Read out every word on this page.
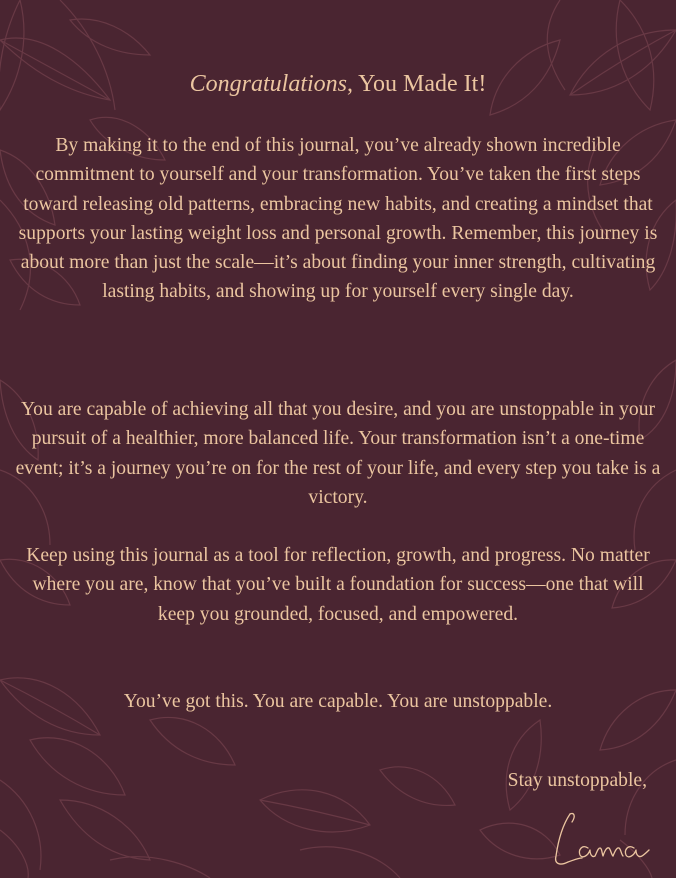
Congratulations, You Made It!

By making it to the end of this journal, you’ve already shown incredible commitment to yourself and your transformation. You’ve taken the first steps toward releasing old patterns, embracing new habits, and creating a mindset that supports your lasting weight loss and personal growth. Remember, this journey is about more than just the scale—it’s about finding your inner strength, cultivating lasting habits, and showing up for yourself every single day.

You are capable of achieving all that you desire, and you are unstoppable in your pursuit of a healthier, more balanced life. Your transformation isn’t a one-time event; it’s a journey you’re on for the rest of your life, and every step you take is a victory.

Keep using this journal as a tool for reflection, growth, and progress. No matter where you are, know that you’ve built a foundation for success—one that will keep you grounded, focused, and empowered.

You’ve got this. You are capable. You are unstoppable.

Stay unstoppable,
